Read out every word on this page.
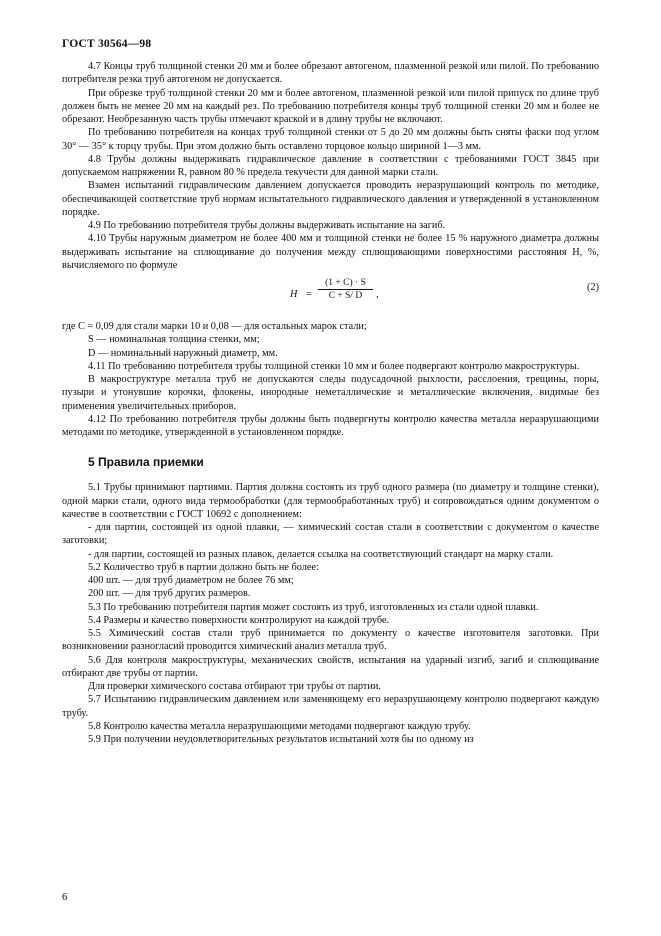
ГОСТ 30564—98

4.7 Концы труб толщиной стенки 20 мм и более обрезают автогеном, плазменной резкой или пилой. По требованию потребителя резка труб автогеном не допускается.

При обрезке труб толщиной стенки 20 мм и более автогеном, плазменной резкой или пилой припуск по длине труб должен быть не менее 20 мм на каждый рез. По требованию потребителя концы труб толщиной стенки 20 мм и более не обрезают. Необрезанную часть трубы отмечают краской и в длину трубы не включают.

По требованию потребителя на концах труб толщиной стенки от 5 до 20 мм должны быть сняты фаски под углом 30° — 35° к торцу трубы. При этом должно быть оставлено торцовое кольцо шириной 1—3 мм.

4.8 Трубы должны выдерживать гидравлическое давление в соответствии с требованиями ГОСТ 3845 при допускаемом напряжении R, равном 80 % предела текучести для данной марки стали.

Взамен испытаний гидравлическим давлением допускается проводить неразрушающий контроль по методике, обеспечивающей соответствие труб нормам испытательного гидравлического давления и утвержденной в установленном порядке.

4.9 По требованию потребителя трубы должны выдерживать испытание на загиб.

4.10 Трубы наружным диаметром не более 400 мм и толщиной стенки не более 15 % наружного диаметра должны выдерживать испытание на сплющивание до получения между сплющивающими поверхностями расстояния H, %, вычисляемого по формуле

$H = \frac{(1 + C) \cdot S}{C + S/ D}$ ,
(2)

где C = 0,09 для стали марки 10 и 0,08 — для остальных марок стали;

S — номинальная толщина стенки, мм;

D — номинальный наружный диаметр, мм.

4.11 По требованию потребителя трубы толщиной стенки 10 мм и более подвергают контролю макроструктуры.

В макроструктуре металла труб не допускаются следы подусадочной рыхлости, расслоения, трещины, поры, пузыри и утонувшие корочки, флокены, инородные неметаллические и металлические включения, видимые без применения увеличительных приборов.

4.12 По требованию потребителя трубы должны быть подвергнуты контролю качества металла неразрушающими методами по методике, утвержденной в установленном порядке.

5 Правила приемки

5.1 Трубы принимают партиями. Партия должна состоять из труб одного размера (по диаметру и толщине стенки), одной марки стали, одного вида термообработки (для термообработанных труб) и сопровождаться одним документом о качестве в соответствии с ГОСТ 10692 с дополнением:

- для партии, состоящей из одной плавки, — химический состав стали в соответствии с документом о качестве заготовки;

- для партии, состоящей из разных плавок, делается ссылка на соответствующий стандарт на марку стали.

5.2 Количество труб в партии должно быть не более:

400 шт. — для труб диаметром не более 76 мм;

200 шт. — для труб других размеров.

5.3 По требованию потребителя партия может состоять из труб, изготовленных из стали одной плавки.

5.4 Размеры и качество поверхности контролируют на каждой трубе.

5.5 Химический состав стали труб принимается по документу о качестве изготовителя заготовки. При возникновении разногласий проводится химический анализ металла труб.

5.6 Для контроля макроструктуры, механических свойств, испытания на ударный изгиб, загиб и сплющивание отбирают две трубы от партии.

Для проверки химического состава отбирают три трубы от партии.

5.7 Испытанию гидравлическим давлением или заменяющему его неразрушающему контролю подвергают каждую трубу.

5.8 Контролю качества металла неразрушающими методами подвергают каждую трубу.

5.9 При получении неудовлетворительных результатов испытаний хотя бы по одному из

6
